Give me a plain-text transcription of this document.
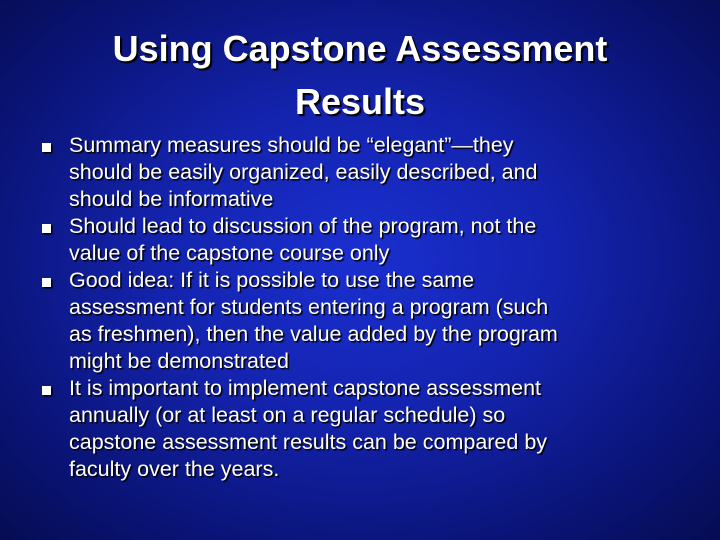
Using Capstone Assessment
Results
Summary measures should be “elegant”—they
should be easily organized, easily described, and
should be informative
Should lead to discussion of the program, not the
value of the capstone course only
Good idea: If it is possible to use the same
assessment for students entering a program (such
as freshmen), then the value added by the program
might be demonstrated
It is important to implement capstone assessment
annually (or at least on a regular schedule) so
capstone assessment results can be compared by
faculty over the years.
